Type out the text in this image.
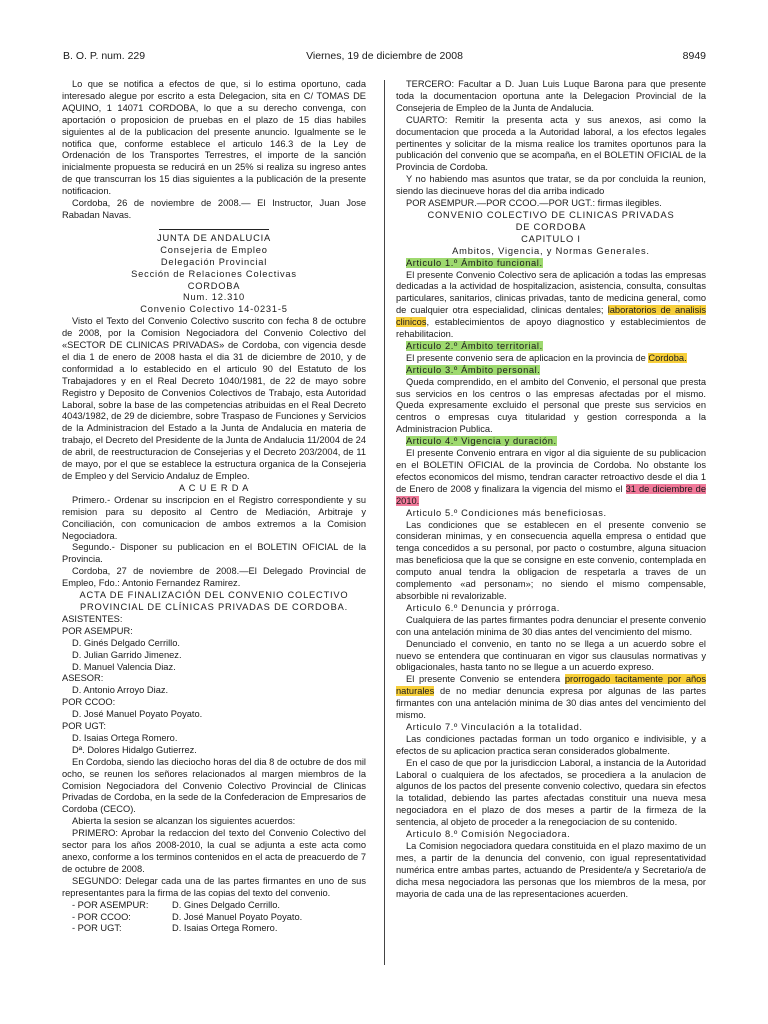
B. O. P. num. 229	Viernes, 19 de diciembre de 2008	8949

Lo que se notifica a efectos de que, si lo estima oportuno, cada interesado alegue por escrito a esta Delegacion, sita en C/ TOMAS DE AQUINO, 1 14071 CORDOBA, lo que a su derecho convenga, con aportación o proposicion de pruebas en el plazo de 15 dias habiles siguientes al de la publicacion del presente anuncio. Igualmente se le notifica que, conforme establece el articulo 146.3 de la Ley de Ordenación de los Transportes Terrestres, el importe de la sanción inicialmente propuesta se reducirá en un 25% si realiza su ingreso antes de que transcurran los 15 dias siguientes a la publicación de la presente notificacion.

Cordoba, 26 de noviembre de 2008.— El Instructor, Juan Jose Rabadan Navas.

JUNTA DE ANDALUCIA

Consejeria de Empleo

Delegación Provincial

Sección de Relaciones Colectivas

CORDOBA

Num. 12.310

Convenio Colectivo 14-0231-5

Visto el Texto del Convenio Colectivo suscrito con fecha 8 de octubre de 2008, por la Comision Negociadora del Convenio Colectivo del «SECTOR DE CLINICAS PRIVADAS» de Cordoba, con vigencia desde el dia 1 de enero de 2008 hasta el dia 31 de diciembre de 2010, y de conformidad a lo establecido en el articulo 90 del Estatuto de los Trabajadores y en el Real Decreto 1040/1981, de 22 de mayo sobre Registro y Deposito de Convenios Colectivos de Trabajo, esta Autoridad Laboral, sobre la base de las competencias atribuidas en el Real Decreto 4043/1982, de 29 de diciembre, sobre Traspaso de Funciones y Servicios de la Administracion del Estado a la Junta de Andalucia en materia de trabajo, el Decreto del Presidente de la Junta de Andalucia 11/2004 de 24 de abril, de reestructuracion de Consejerias y el Decreto 203/2004, de 11 de mayo, por el que se establece la estructura organica de la Consejeria de Empleo y del Servicio Andaluz de Empleo.

A C U E R D A

Primero.- Ordenar su inscripcion en el Registro correspondiente y su remision para su deposito al Centro de Mediación, Arbitraje y Conciliación, con comunicacion de ambos extremos a la Comision Negociadora.

Segundo.- Disponer su publicacion en el BOLETIN OFICIAL de la Provincia.

Cordoba, 27 de noviembre de 2008.—El Delegado Provincial de Empleo, Fdo.: Antonio Fernandez Ramirez.

ACTA DE FINALIZACIÓN DEL CONVENIO COLECTIVO

PROVINCIAL DE CLÍNICAS PRIVADAS DE CORDOBA.

ASISTENTES:

POR ASEMPUR:

D. Ginés Delgado Cerrillo.

D. Julian Garrido Jimenez.

D. Manuel Valencia Diaz.

ASESOR:

D. Antonio Arroyo Diaz.

POR CCOO:

D. José Manuel Poyato Poyato.

POR UGT:

D. Isaias Ortega Romero.

Dª. Dolores Hidalgo Gutierrez.

En Cordoba, siendo las dieciocho horas del dia 8 de octubre de dos mil ocho, se reunen los señores relacionados al margen miembros de la Comision Negociadora del Convenio Colectivo Provincial de Clinicas Privadas de Cordoba, en la sede de la Confederacion de Empresarios de Cordoba (CECO).

Abierta la sesion se alcanzan los siguientes acuerdos:

PRIMERO: Aprobar la redaccion del texto del Convenio Colectivo del sector para los años 2008-2010, la cual se adjunta a este acta como anexo, conforme a los terminos contenidos en el acta de preacuerdo de 7 de octubre de 2008.

SEGUNDO: Delegar cada una de las partes firmantes en uno de sus representantes para la firma de las copias del texto del convenio.

- POR ASEMPUR:	D. Gines Delgado Cerrillo.
- POR CCOO:	D. José Manuel Poyato Poyato.
- POR UGT:	D. Isaias Ortega Romero.

TERCERO: Facultar a D. Juan Luis Luque Barona para que presente toda la documentacion oportuna ante la Delegacion Provincial de la Consejeria de Empleo de la Junta de Andalucia.

CUARTO: Remitir la presenta acta y sus anexos, asi como la documentacion que proceda a la Autoridad laboral, a los efectos legales pertinentes y solicitar de la misma realice los tramites oportunos para la publicación del convenio que se acompaña, en el BOLETIN OFICIAL de la Provincia de Cordoba.

Y no habiendo mas asuntos que tratar, se da por concluida la reunion, siendo las diecinueve horas del dia arriba indicado

POR ASEMPUR.—POR CCOO.—POR UGT.: firmas ilegibles.

CONVENIO COLECTIVO DE CLINICAS PRIVADAS

DE CORDOBA

CAPITULO I

Ambitos, Vigencia, y Normas Generales.

Articulo 1.º Ámbito funcional.

El presente Convenio Colectivo sera de aplicación a todas las empresas dedicadas a la actividad de hospitalizacion, asistencia, consulta, consultas particulares, sanitarios, clinicas privadas, tanto de medicina general, como de cualquier otra especialidad, clinicas dentales; laboratorios de analisis clinicos, establecimientos de apoyo diagnostico y establecimientos de rehabilitacion.

Articulo 2.º Ámbito territorial.

El presente convenio sera de aplicacion en la provincia de Cordoba.

Articulo 3.º Ámbito personal.

Queda comprendido, en el ambito del Convenio, el personal que presta sus servicios en los centros o las empresas afectadas por el mismo. Queda expresamente excluido el personal que preste sus servicios en centros o empresas cuya titularidad y gestion corresponda a la Administracion Publica.

Articulo 4.º Vigencia y duración.

El presente Convenio entrara en vigor al dia siguiente de su publicacion en el BOLETIN OFICIAL de la provincia de Cordoba. No obstante los efectos economicos del mismo, tendran caracter retroactivo desde el dia 1 de Enero de 2008 y finalizara la vigencia del mismo el 31 de diciembre de 2010.

Articulo 5.º Condiciones más beneficiosas.

Las condiciones que se establecen en el presente convenio se consideran minimas, y en consecuencia aquella empresa o entidad que tenga concedidos a su personal, por pacto o costumbre, alguna situacion mas beneficiosa que la que se consigne en este convenio, contemplada en computo anual tendra la obligacion de respetarla a traves de un complemento «ad personam»; no siendo el mismo compensable, absorbible ni revalorizable.

Articulo 6.º Denuncia y prórroga.

Cualquiera de las partes firmantes podra denunciar el presente convenio con una antelación minima de 30 dias antes del vencimiento del mismo.

Denunciado el convenio, en tanto no se llega a un acuerdo sobre el nuevo se entendera que continuaran en vigor sus clausulas normativas y obligacionales, hasta tanto no se llegue a un acuerdo expreso.

El presente Convenio se entendera prorrogado tacitamente por años naturales de no mediar denuncia expresa por algunas de las partes firmantes con una antelación minima de 30 dias antes del vencimiento del mismo.

Articulo 7.º Vinculación a la totalidad.

Las condiciones pactadas forman un todo organico e indivisible, y a efectos de su aplicacion practica seran considerados globalmente.

En el caso de que por la jurisdiccion Laboral, a instancia de la Autoridad Laboral o cualquiera de los afectados, se procediera a la anulacion de algunos de los pactos del presente convenio colectivo, quedara sin efectos la totalidad, debiendo las partes afectadas constituir una nueva mesa negociadora en el plazo de dos meses a partir de la firmeza de la sentencia, al objeto de proceder a la renegociacion de su contenido.

Articulo 8.º Comisión Negociadora.

La Comision negociadora quedara constituida en el plazo maximo de un mes, a partir de la denuncia del convenio, con igual representatividad numérica entre ambas partes, actuando de Presidente/a y Secretario/a de dicha mesa negociadora las personas que los miembros de la mesa, por mayoria de cada una de las representaciones acuerden.
